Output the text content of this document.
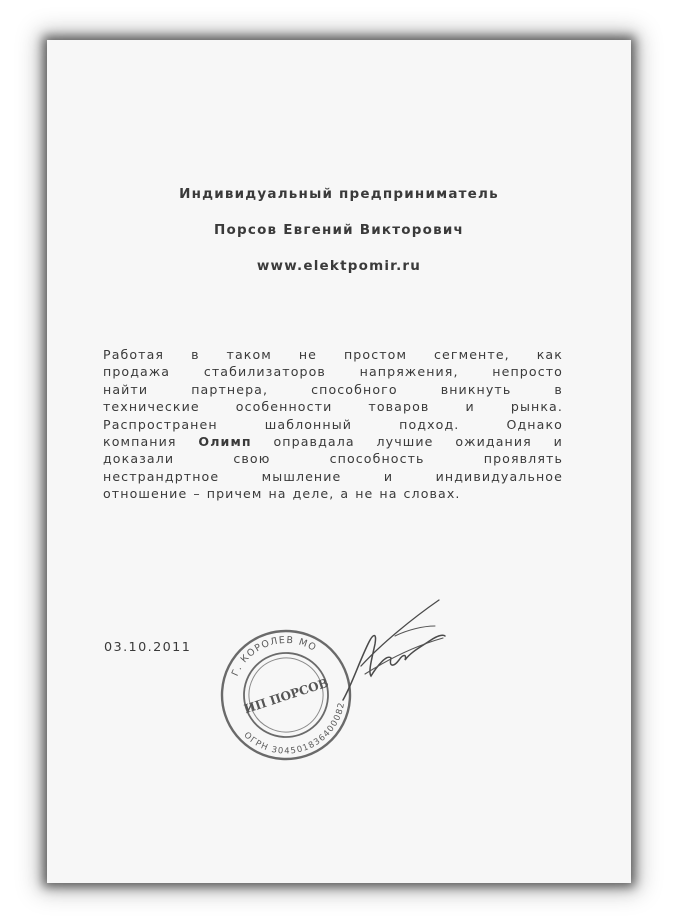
Индивидуальный предприниматель
Порсов Евгений Викторович
www.elektpomir.ru
Работая в таком не простом сегменте, как
продажа	стабилизаторов	напряжения,	непросто
найти	партнера,	способного	вникнуть	в
технические	особенности	товаров	и	рынка.
Распространен	шаблонный	подход.	Однако
компания Олимп оправдала лучшие ожидания и
доказали	свою	способность	проявлять
нестрандртное	мышление	и	индивидуальное
отношение – причем на деле, а не на словах.
03.10.2011
Г. КОРОЛЕВ МО
ОГРН 304501836400082
ИП ПОРСОВ
